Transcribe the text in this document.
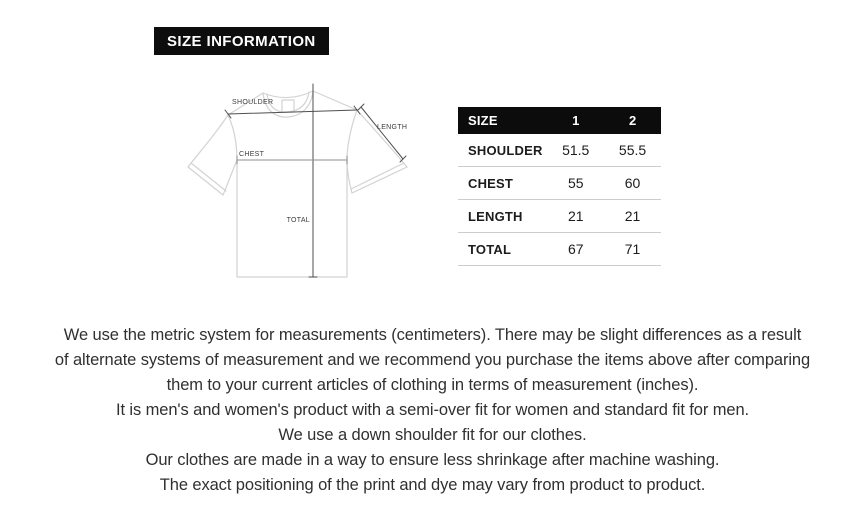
SIZE INFORMATION
SHOULDER
CHEST
LENGTH
TOTAL
SIZE	1	2
SHOULDER	51.5	55.5
CHEST	55	60
LENGTH	21	21
TOTAL	67	71
We use the metric system for measurements (centimeters). There may be slight differences as a result
of alternate systems of measurement and we recommend you purchase the items above after comparing
them to your current articles of clothing in terms of measurement (inches).
It is men's and women's product with a semi-over fit for women and standard fit for men.
We use a down shoulder fit for our clothes.
Our clothes are made in a way to ensure less shrinkage after machine washing.
The exact positioning of the print and dye may vary from product to product.
